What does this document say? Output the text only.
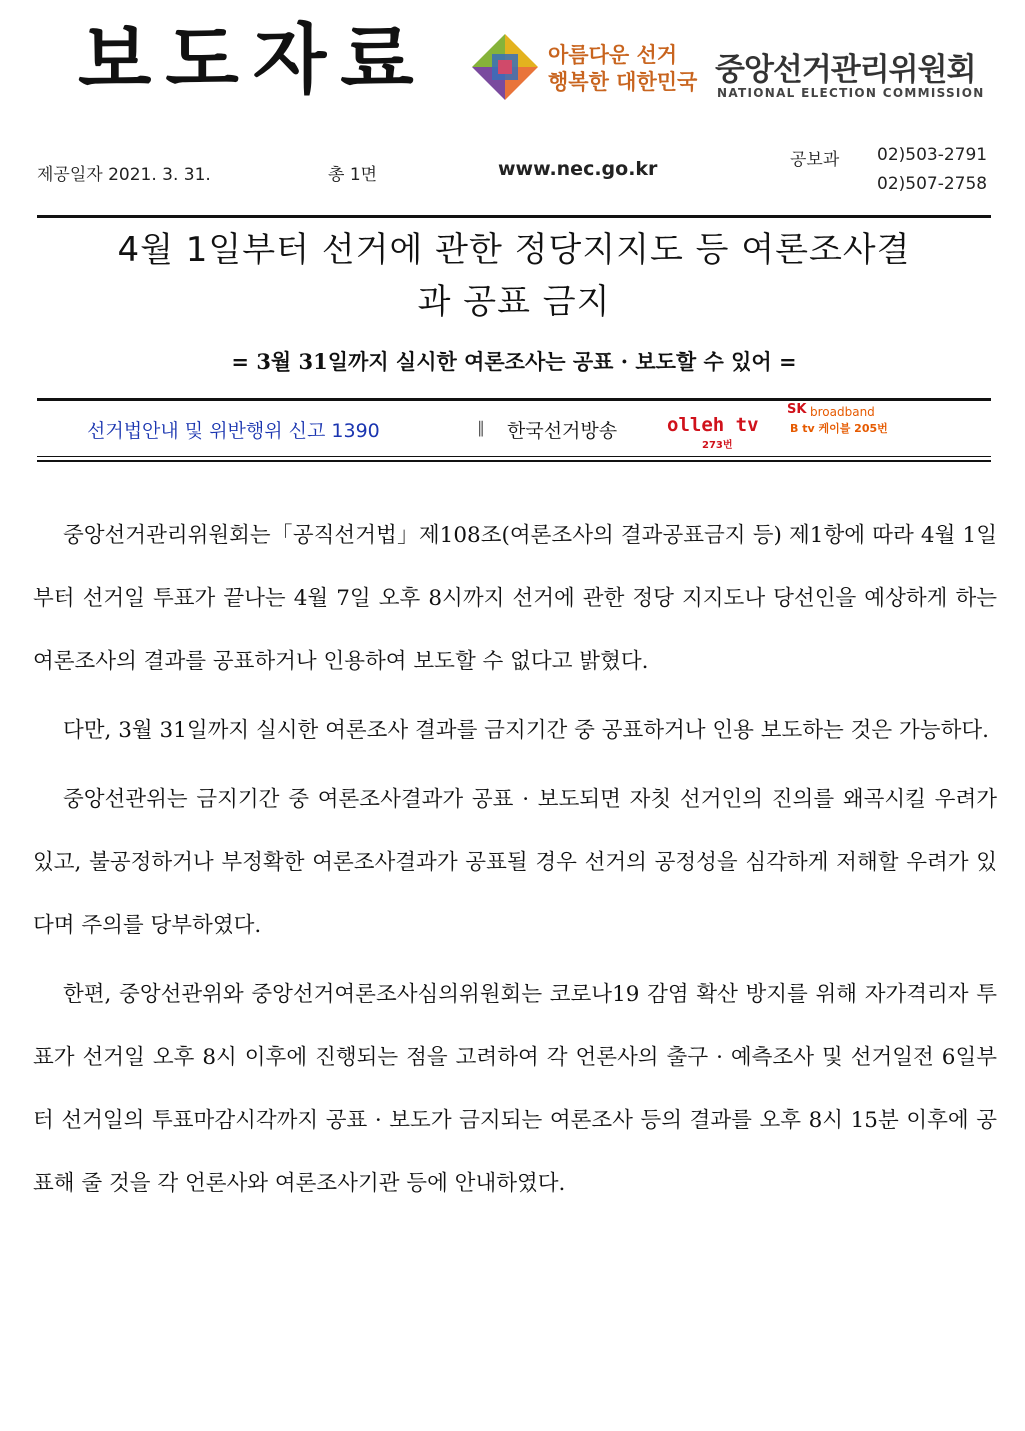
보도자료	아름다운 선거
행복한 대한민국 중앙선거관리위원회
NATIONAL ELECTION COMMISSION
제공일자 2021. 3. 31.	총 1면	www.nec.go.kr	공보과 02)503-2791
02)507-2758
4월 1일부터 선거에 관한 정당지지도 등 여론조사결
과 공표 금지
= 3월 31일까지 실시한 여론조사는 공표 · 보도할 수 있어 =
선거법안내 및 위반행위 신고 1390	∥ 한국선거방송	olleh tv
273번
SK broadband
B tv 케이블 205번

중앙선거관리위원회는「공직선거법」제108조(여론조사의 결과공표금지 등) 제1항에 따라 4월 1일부터 선거일 투표가 끝나는 4월 7일 오후 8시까지 선거에 관한 정당 지지도나 당선인을 예상하게 하는 여론조사의 결과를 공표하거나 인용하여 보도할 수 없다고 밝혔다.

다만, 3월 31일까지 실시한 여론조사 결과를 금지기간 중 공표하거나 인용 보도하는 것은 가능하다.

중앙선관위는 금지기간 중 여론조사결과가 공표 · 보도되면 자칫 선거인의 진의를 왜곡시킬 우려가 있고, 불공정하거나 부정확한 여론조사결과가 공표될 경우 선거의 공정성을 심각하게 저해할 우려가 있다며 주의를 당부하였다.

한편, 중앙선관위와 중앙선거여론조사심의위원회는 코로나19 감염 확산 방지를 위해 자가격리자 투표가 선거일 오후 8시 이후에 진행되는 점을 고려하여 각 언론사의 출구 · 예측조사 및 선거일전 6일부터 선거일의 투표마감시각까지 공표 · 보도가 금지되는 여론조사 등의 결과를 오후 8시 15분 이후에 공표해 줄 것을 각 언론사와 여론조사기관 등에 안내하였다.
